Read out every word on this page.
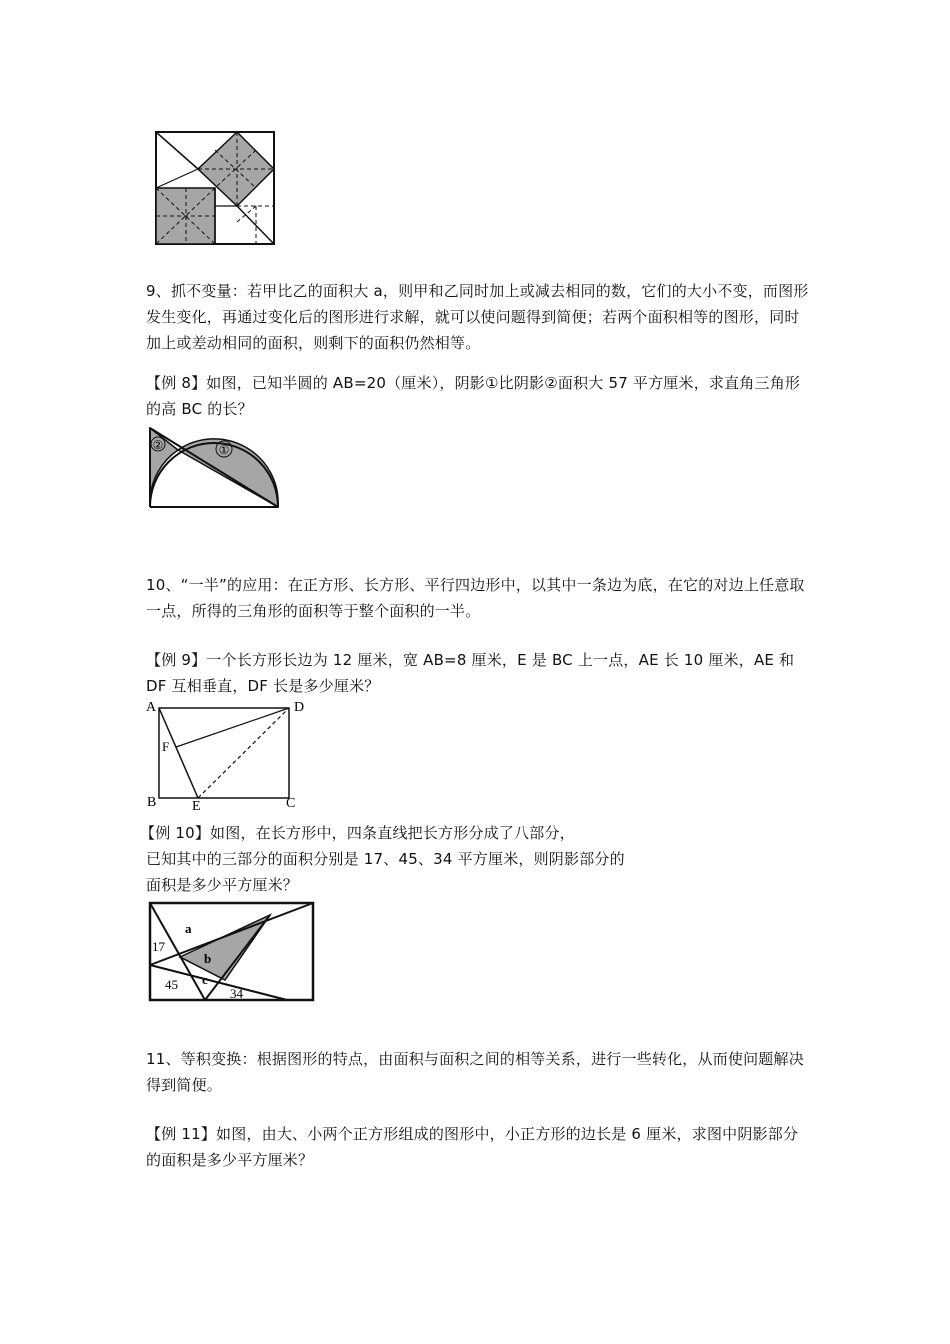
9、抓不变量：若甲比乙的面积大 a，则甲和乙同时加上或减去相同的数，它们的大小不变，而图形发生变化，再通过变化后的图形进行求解，就可以使问题得到简便；若两个面积相等的图形，同时加上或差动相同的面积，则剩下的面积仍然相等。

【例 8】如图，已知半圆的 AB=20（厘米），阴影①比阴影②面积大 57 平方厘米，求直角三角形的高 BC 的长？

②	①

10、“一半”的应用：在正方形、长方形、平行四边形中，以其中一条边为底，在它的对边上任意取一点，所得的三角形的面积等于整个面积的一半。

【例 9】一个长方形长边为 12 厘米，宽 AB=8 厘米，E 是 BC 上一点，AE 长 10 厘米，AE 和 DF 互相垂直，DF 长是多少厘米？

A	D
F
B	E	C

【例 10】如图，在长方形中，四条直线把长方形分成了八部分，

已知其中的三部分的面积分别是 17、45、34 平方厘米，则阴影部分的

面积是多少平方厘米？

a
17
b
45 c
34

11、等积变换：根据图形的特点，由面积与面积之间的相等关系，进行一些转化，从而使问题解决得到简便。

【例 11】如图，由大、小两个正方形组成的图形中，小正方形的边长是 6 厘米，求图中阴影部分的面积是多少平方厘米？
